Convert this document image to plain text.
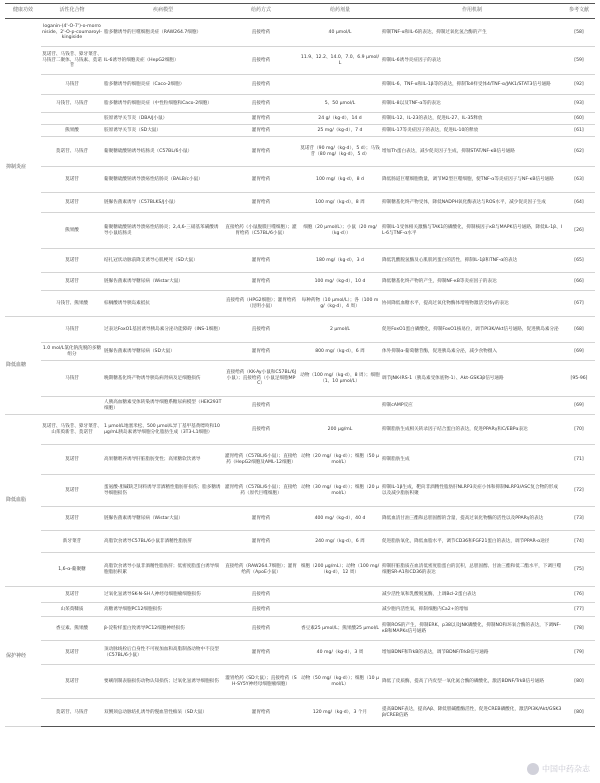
健康功效	活性化合物	疾病模型	给药方式	给药剂量	作用机制	参考文献
抑制炎症	loganin-(4'-O-7')-o-morroniside、2'-O-p-coumaroyl-kingiside	脂多糖诱导的巨噬细胞炎症（RAW264.7细胞）	直接给药	40 μmol/L	抑制TNF-α和IL-6的表达，抑制过氧化氢合酶的产生	[58]
	莫诺苷、马钱苷、獐牙菜苷、马钱苷二聚体、马钱素、莫诺苷	IL-6诱导的细胞炎症（HepG2细胞）	直接给药	11.9、12.2、14.0、7.0、6.9 μmol/L	抑制IL-6诱导炎症因子的表达	[59]
	马钱苷	脂多糖诱导的细胞炎症（Caco-2细胞）	直接给药		抑制IL-6、TNF-α和IL-1β等的表达，抑制Toll样受体4/TNF-α/JAK1/STAT3信号通路	[92]
	马钱苷、马钱苷	脂多糖诱导的细胞炎症（中性粒细胞和Caco-2细胞）	直接给药	5、50 μmol/L	抑制IL-8以及TNF-α等的表达	[93]
		胶原诱导关节炎（DBA/J小鼠）	灌胃给药	24 g/（kg·d），14 d	抑制IL-12、IL-23的表达，促进IL-27、IL-35释放	[60]
	熊果酸	胶原诱导关节炎（SD大鼠）	灌胃给药	25 mg/（kg·d），7 d	抑制IL-17等炎症因子的表达，促进IL-10的释放	[61]
	莫诺苷、马钱苷	葡聚糖硫酸钠诱导结肠炎（C57BL/6小鼠）	灌胃给药	莫诺苷（90 mg/（kg·d），5 d）；马钱苷（80 mg/（kg·d），5 d）	增加Th蛋白表达，减少促炎因子生成，抑制STAT/NF-κB信号通路	[62]
	莫诺苷	葡聚糖硫酸钠诱导溃疡性结肠炎（BALB/c小鼠）	灌胃给药	100 mg/（kg·d），8 d	降低肠道巨噬细胞数量，调节M2型巨噬细胞，使TNF-α等炎症因子与NF-κB信号通路	[63]
	莫诺苷	链脲佐菌素诱导（C57BLKS/J小鼠）	灌胃给药	100 mg/（kg·d），8 周	抑制糖基化终产物受体，降低NADPH氧化酶表达与ROS水平，减少促炎因子生成	[64]
	熊果酸	葡聚糖硫酸钠诱导溃疡性结肠炎；2,4,6-三硝基苯磺酸诱导小鼠结肠炎	直接给药（小鼠腹膜巨噬细胞）；灌胃给药（C57BL/6小鼠）	细胞（20 μmol/L）；小鼠（20 mg/（kg·d））	抑制IL-1受体相关激酶与TAK1的磷酸化，抑制核因子κB与MAPK信号通路，降低IL-1β、IL-6与TNF-α水平	[26]
	莫诺苷	结扎冠状动脉前降支诱导心肌梗死（SD大鼠）	灌胃给药	180 mg/（kg·d），3 d	降低乳酸脱氢酶及心肌肌钙蛋白的活性，抑制IL-1β和TNF-α的表达	[65]
	莫诺苷	链脲佐菌素诱导糖尿病（Wistar大鼠）	灌胃给药	100 mg/（kg·d），10 d	降低糖基化终产物的产生，抑制NF-κB等炎症因子的表达	[66]
	马钱苷、熊果酸	棕榈酸诱导胰岛素抵抗	直接给药（HPG2细胞）；灌胃给药（昆明小鼠）	每种药物（10 μmol/L）；各（100 mg/（kg·d），4 周）	协同降低血糖水平，提高过氧化物酶体增殖物激活受体γ的表达	[67]
降低血糖	马钱苷	过表达FoxO1基因诱导胰岛素分泌功能障碍（INS-1细胞）	直接给药	2 μmol/L	促进FoxO1蛋白磷酸化，抑制FoxO1核易位，调节PI3K/Akt信号通路，促进胰岛素分泌	[68]
	1.0 mol/L氯化钠洗脱的多糖组分	链脲佐菌素诱导糖尿病（SD大鼠）	灌胃给药	800 mg/（kg·d），6 周	体外抑制α-葡萄糖苷酶，促进胰岛素分泌，减少食物摄入	[69]
	马钱苷	晚期糖基化终产物诱导胰岛病肾病及足细胞损伤	直接给药（KK-Ay小鼠和C57BL/6J小鼠）；直接给药（小鼠足细胞MPC）	动物（100 mg/（kg·d），8 周）；细胞（1、10 μmol/L）	调节JNK-IRS-1（胰岛素受体底物-1）、Akt-GSK3β信号通路	[95-96]
		人胰高血糖素受体转染诱导细胞系糖尿病模型（HEK293T细胞）	直接给药		抑制cAMP反应	[69]
降低血脂	莫诺苷、马钱苷、獐牙菜苷、山茱萸新苷、莫诺苷	1 μmol/L地塞米松、500 μmol/L异丁基甲基黄嘌呤和10 μg/mL胰岛素诱导细胞分化脂肪生成（3T3-L1细胞）	直接给药	200 μg/mL	抑制脂肪生成相关转录因子结合蛋白的表达，促进PPARγ和C/EBPα表达	[70]
	莫诺苷	高果糖喂养诱导肝脏脂肪变性；高果糖软饮诱导	灌胃给药（C57BL/6小鼠）；直接给药（HepG2细胞及AML-12细胞）	动物（20 mg/（kg·d））；细胞（50 μmol/L）	抑制脂肪生成	[71]
	莫诺苷	蛋氨酸-胆碱缺乏饲料诱导非酒精性脂肪肝损伤；脂多糖诱导细胞损伤	灌胃给药（C57BL/6小鼠）；直接给药（原代巨噬细胞）	动物（30 mg/（kg·d））；细胞（20 μmol/L）	抑制IL-1β生成，靶向非酒精性脂肪肝NLRP3炎症小体和抑制NLRP3/ASC复合物的形成以及减少脂肪积聚	[72]
	莫诺苷	链脲佐菌素诱导糖尿病（Wistar大鼠）	灌胃给药	400 mg/（kg·d），40 d	降低血清甘油三酯和总胆固醇的含量，提高过氧化物酶的活性以及PPARγ的表达	[73]
	新牙菜苷	高脂饮食诱导C57BL/6小鼠非酒精性脂肪肝	灌胃给药	240 mg/（kg·d），6 周	促进脂肪氧化，降低血脂水平，调节CD36和FGF21蛋白的表达，调节PPAR-α途径	[74]
	1,6-α-葡聚糖	高脂饮食诱导小鼠非酒精性脂肪肝；低密度脂蛋白诱导细胞脂肪积累	直接给药（RAW264.7细胞）；灌胃给药（ApoE小鼠）	细胞（200 μg/mL）；动物（100 mg/（kg·d），12 周）	抑制肝脏脂质在血清低密度脂蛋白的沉积，总胆固醇、甘油三酯和低二酯水平，下调巨噬细胞SR-A1和CD36的表达	[75]
保护神经	莫诺苷	过氧化氢诱导SK-N-SH人神经母细胞瘤细胞损伤	直接给药		减少活性氧和乳酸脱氢酶，上调Bcl-2蛋白表达	[76]
	山茱萸鞣质	高糖诱导细胞PC12细胞损伤	直接给药		减少胞内活性氧，抑制细胞内Ca2+的增加	[77]
	香豆素、熊果酸	β-淀粉样蛋白致诱导PC12细胞神经损伤	直接给药	香豆素25 μmol/L；熊果酸25 μmol/L	抑制ROS的产生，抑制ERK、p38以及JNK磷酸化，抑制NO和环氧合酶的表达，下调NF-κB和MAPKs信号通路	[78]
	莫诺苷	顶动脉线栓后自身性不可视加血和高脂制备动物中不良型（C57BL/6小鼠）	灌胃给药	40 mg/（kg·d），3 周	增加BDNF和TrkB的表达，调节BDNF/TrkB信号通路	[79]
	莫诺苷	要刷削制表脑损伤动物认知损伤；过氧化氢诱导细胞损伤	灌胃给药（SD大鼠）；直接给药（SH-SY5Y神经母细胞瘤细胞）	动物（50 mg/（kg·d））；细胞（10 μmol/L）	降低了皮质酶，提高了内皮型一氧化氮合酶的磷酸化，激活BDNF/TrkB信号通路	[80]
	莫诺苷、马钱苷	双侧颈总动脉结扎诱导的慢血管性痴呆（SD大鼠）	灌胃给药	120 mg/（kg·d），3 个月	提高BDNF表达，提高Aβ、降低胆碱酯酶活性，促进CREB磷酸化，激活PI3K/Akt/GSK3β/CREB信路	[80]
中国中药杂志
